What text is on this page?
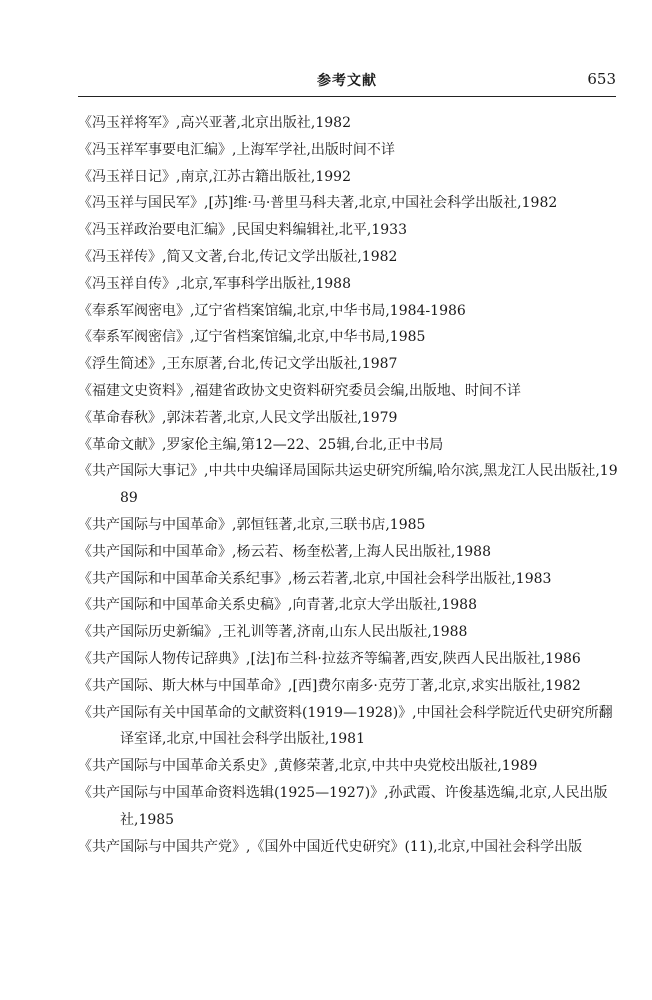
参考文献	653
《冯玉祥将军》,高兴亚著,北京出版社,1982
《冯玉祥军事要电汇编》,上海军学社,出版时间不详
《冯玉祥日记》,南京,江苏古籍出版社,1992
《冯玉祥与国民军》,[苏]维·马·普里马科夫著,北京,中国社会科学出版社,1982
《冯玉祥政治要电汇编》,民国史料编辑社,北平,1933
《冯玉祥传》,简又文著,台北,传记文学出版社,1982
《冯玉祥自传》,北京,军事科学出版社,1988
《奉系军阀密电》,辽宁省档案馆编,北京,中华书局,1984-1986
《奉系军阀密信》,辽宁省档案馆编,北京,中华书局,1985
《浮生简述》,王东原著,台北,传记文学出版社,1987
《福建文史资料》,福建省政协文史资料研究委员会编,出版地、时间不详
《革命春秋》,郭沫若著,北京,人民文学出版社,1979
《革命文献》,罗家伦主编,第12—22、25辑,台北,正中书局
《共产国际大事记》,中共中央编译局国际共运史研究所编,哈尔滨,黑龙江人民出版社,1989
《共产国际与中国革命》,郭恒钰著,北京,三联书店,1985
《共产国际和中国革命》,杨云若、杨奎松著,上海人民出版社,1988
《共产国际和中国革命关系纪事》,杨云若著,北京,中国社会科学出版社,1983
《共产国际和中国革命关系史稿》,向青著,北京大学出版社,1988
《共产国际历史新编》,王礼训等著,济南,山东人民出版社,1988
《共产国际人物传记辞典》,[法]布兰科·拉兹齐等编著,西安,陕西人民出版社,1986
《共产国际、斯大林与中国革命》,[西]费尔南多·克劳丁著,北京,求实出版社,1982
《共产国际有关中国革命的文献资料(1919—1928)》,中国社会科学院近代史研究所翻译室译,北京,中国社会科学出版社,1981
《共产国际与中国革命关系史》,黄修荣著,北京,中共中央党校出版社,1989
《共产国际与中国革命资料选辑(1925—1927)》,孙武霞、许俊基选编,北京,人民出版社,1985
《共产国际与中国共产党》,《国外中国近代史研究》(11),北京,中国社会科学出版
